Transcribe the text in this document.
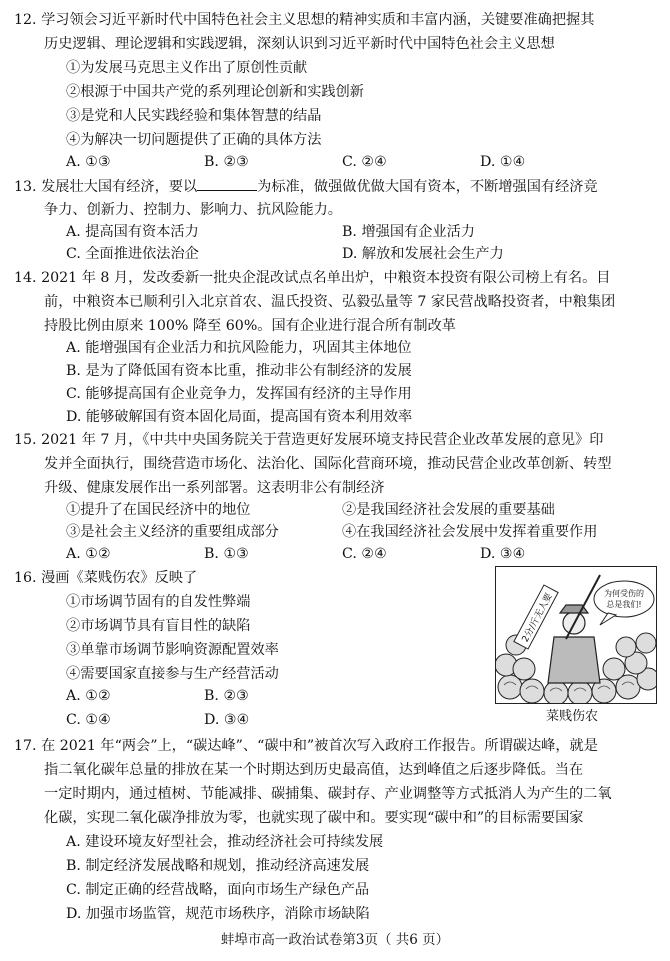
12. 学习领会习近平新时代中国特色社会主义思想的精神实质和丰富内涵，关键要准确把握其
历史逻辑、理论逻辑和实践逻辑，深刻认识到习近平新时代中国特色社会主义思想
①为发展马克思主义作出了原创性贡献
②根源于中国共产党的系列理论创新和实践创新
③是党和人民实践经验和集体智慧的结晶
④为解决一切问题提供了正确的具体方法
A. ①③	B. ②③	C. ②④	D. ①④
13. 发展壮大国有经济，要以	为标准，做强做优做大国有资本，不断增强国有经济竞
争力、创新力、控制力、影响力、抗风险能力。
A. 提高国有资本活力	B. 增强国有企业活力
C. 全面推进依法治企	D. 解放和发展社会生产力
14. 2021 年 8 月，发改委新一批央企混改试点名单出炉，中粮资本投资有限公司榜上有名。目
前，中粮资本已顺利引入北京首农、温氏投资、弘毅弘量等 7 家民营战略投资者，中粮集团
持股比例由原来 100% 降至 60%。国有企业进行混合所有制改革
A. 能增强国有企业活力和抗风险能力，巩固其主体地位
B. 是为了降低国有资本比重，推动非公有制经济的发展
C. 能够提高国有企业竞争力，发挥国有经济的主导作用
D. 能够破解国有资本固化局面，提高国有资本利用效率
15. 2021 年 7 月，《中共中央国务院关于营造更好发展环境支持民营企业改革发展的意见》印
发并全面执行，围绕营造市场化、法治化、国际化营商环境，推动民营企业改革创新、转型
升级、健康发展作出一系列部署。这表明非公有制经济
①提升了在国民经济中的地位	②是我国经济社会发展的重要基础
③是社会主义经济的重要组成部分	④在我国经济社会发展中发挥着重要作用
A. ①②	B. ①③	C. ②④	D. ③④
16. 漫画《菜贱伤农》反映了
①市场调节固有的自发性弊端
②市场调节具有盲目性的缺陷
③单靠市场调节影响资源配置效率
④需要国家直接参与生产经营活动
A. ①②	B. ②③
C. ①④	D. ③④
2分/斤无人要	为何受伤的
总是我们!
菜贱伤农
17. 在 2021 年“两会”上，“碳达峰”、“碳中和”被首次写入政府工作报告。所谓碳达峰，就是
指二氧化碳年总量的排放在某一个时期达到历史最高值，达到峰值之后逐步降低。当在
一定时期内，通过植树、节能减排、碳捕集、碳封存、产业调整等方式抵消人为产生的二氧
化碳，实现二氧化碳净排放为零，也就实现了碳中和。要实现“碳中和”的目标需要国家
A. 建设环境友好型社会，推动经济社会可持续发展
B. 制定经济发展战略和规划，推动经济高速发展
C. 制定正确的经营战略，面向市场生产绿色产品
D. 加强市场监管，规范市场秩序，消除市场缺陷
蚌埠市高一政治试卷第3页（ 共6 页）
